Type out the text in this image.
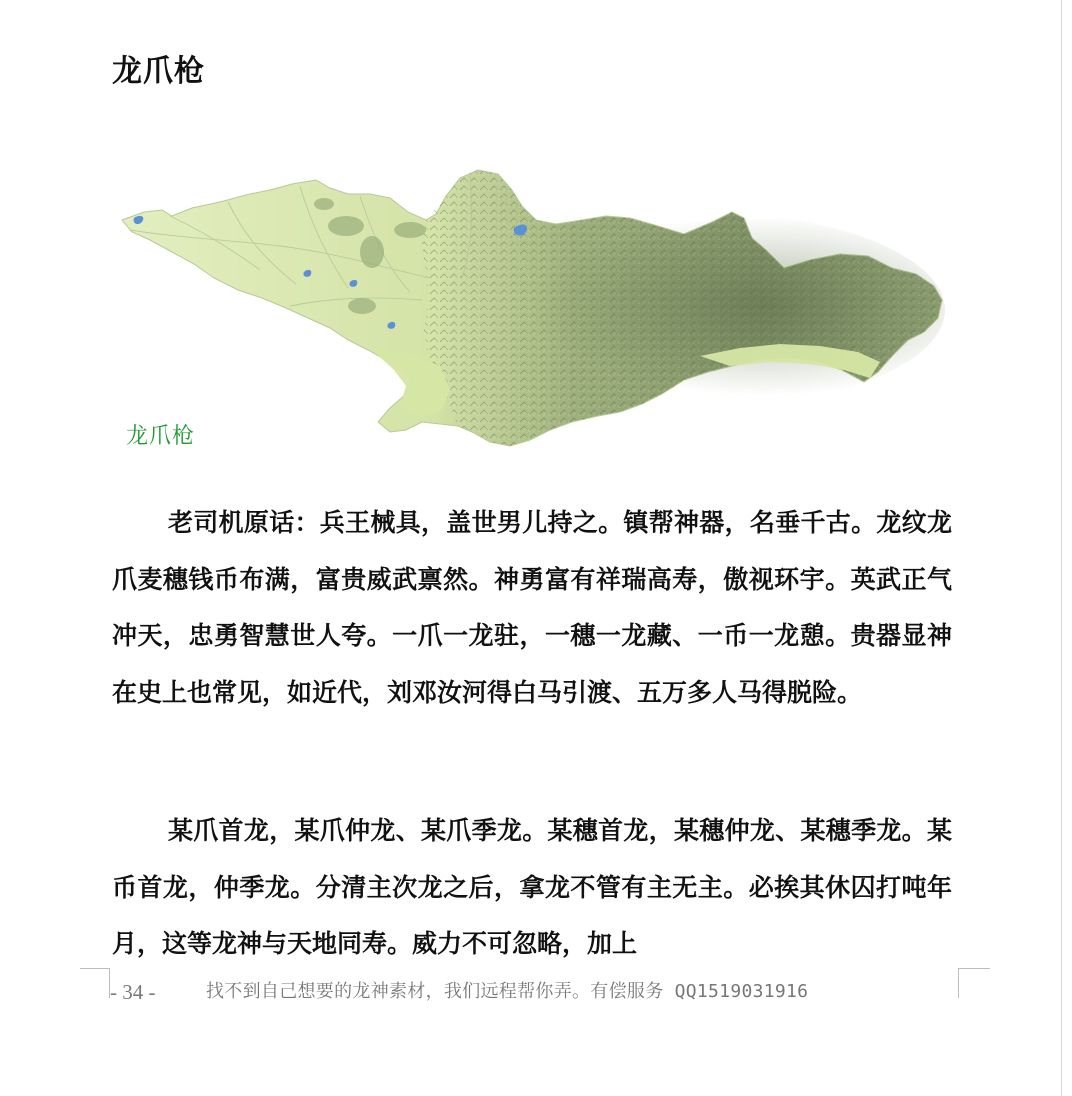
龙爪枪
龙爪枪

老司机原话：兵王械具，盖世男儿持之。镇帮神器，名垂千古。龙纹龙爪麦穗钱币布满，富贵威武禀然。神勇富有祥瑞高寿，傲视环宇。英武正气冲天，忠勇智慧世人夸。一爪一龙驻，一穗一龙藏、一币一龙憩。贵器显神在史上也常见，如近代，刘邓汝河得白马引渡、五万多人马得脱险。

某爪首龙，某爪仲龙、某爪季龙。某穗首龙，某穗仲龙、某穗季龙。某币首龙，仲季龙。分清主次龙之后，拿龙不管有主无主。必挨其休囚打吨年月，这等龙神与天地同寿。威力不可忽略，加上

- 34 -	找不到自己想要的龙神素材，我们远程帮你弄。有偿服务 QQ1519031916
